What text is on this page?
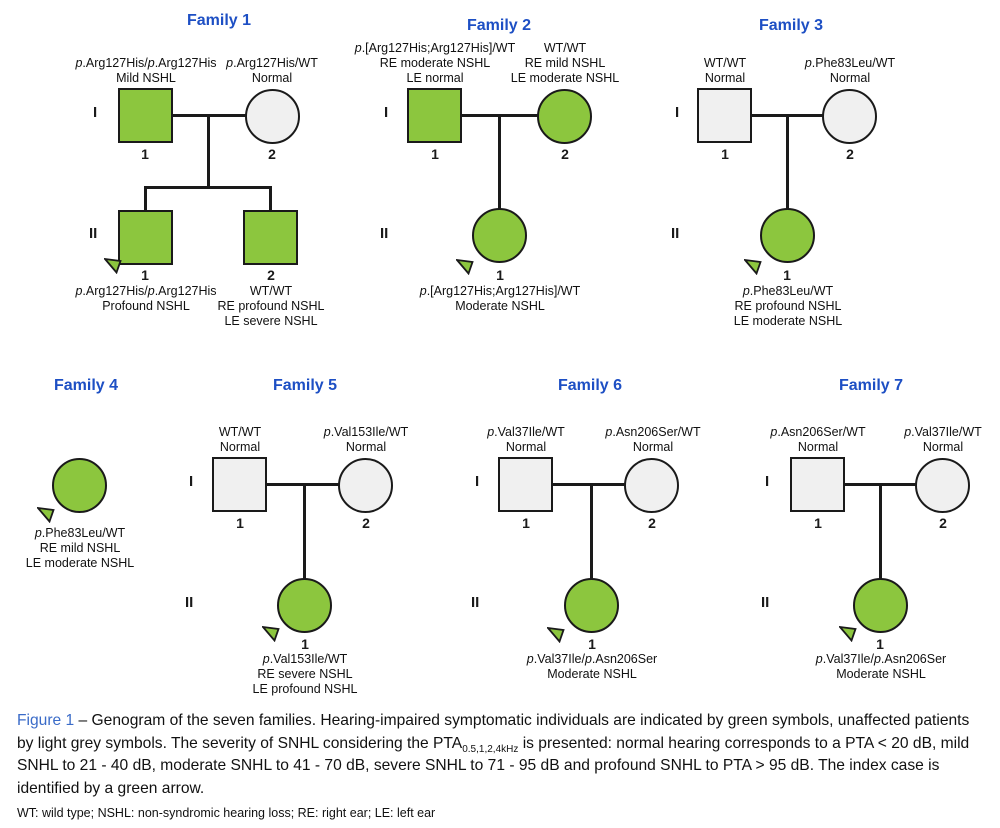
Family 1
I
II
p.Arg127His/p.Arg127His
Mild NSHL
p.Arg127His/WT
Normal
1	2
1	2
p.Arg127His/p.Arg127His
Profound NSHL
WT/WT
RE profound NSHL
LE severe NSHL
Family 2
I
II
p.[Arg127His;Arg127His]/WT
RE moderate NSHL
LE normal
WT/WT
RE mild NSHL
LE moderate NSHL
1	2
1
p.[Arg127His;Arg127His]/WT
Moderate NSHL
Family 3
I
II
WT/WT
Normal
p.Phe83Leu/WT
Normal
1	2
1
p.Phe83Leu/WT
RE profound NSHL
LE moderate NSHL
Family 4
p.Phe83Leu/WT
RE mild NSHL
LE moderate NSHL
Family 5
I
II
WT/WT
Normal
p.Val153Ile/WT
Normal
1	2
1
p.Val153Ile/WT
RE severe NSHL
LE profound NSHL
Family 6
I
II
p.Val37Ile/WT
Normal
p.Asn206Ser/WT
Normal
1	2
1
p.Val37Ile/p.Asn206Ser
Moderate NSHL
Family 7
I
II
p.Asn206Ser/WT
Normal
p.Val37Ile/WT
Normal
1	2
1
p.Val37Ile/p.Asn206Ser
Moderate NSHL

Figure 1 – Genogram of the seven families. Hearing-impaired symptomatic individuals are indicated by green symbols, unaffected patients by light grey symbols. The severity of SNHL considering the $PTA_{0.5,1,2,4kHz}$ is presented: normal hearing corresponds to a PTA < 20 dB, mild SNHL to 21 - 40 dB, moderate SNHL to 41 - 70 dB, severe SNHL to 71 - 95 dB and profound SNHL to PTA > 95 dB. The index case is identified by a green arrow.

WT: wild type; NSHL: non-syndromic hearing loss; RE: right ear; LE: left ear
